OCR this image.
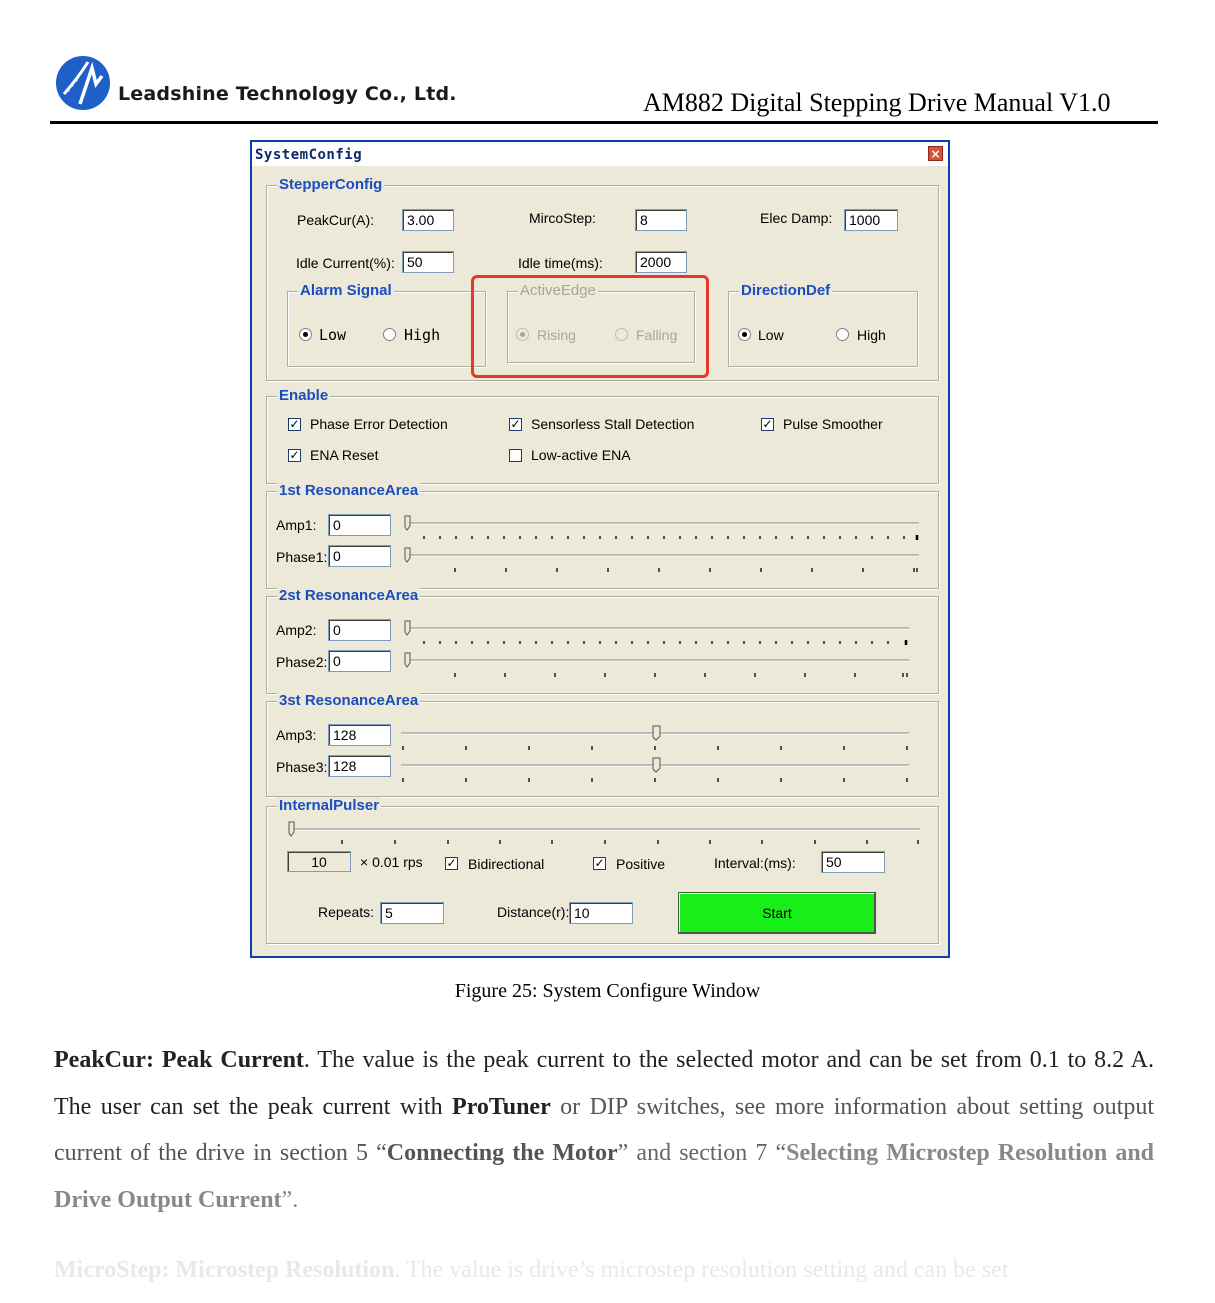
Leadshine Technology Co., Ltd.	AM882 Digital Stepping Drive Manual V1.0
SystemConfig	×
StepperConfig
PeakCur(A):	3.00	MircoStep:	8	Elec Damp:	1000
Idle Current(%): 50	Idle time(ms):	2000
Alarm Signal
Low	High
ActiveEdge
Rising	Falling
DirectionDef
Low	High
Enable
✓ Phase Error Detection	✓ Sensorless Stall Detection	✓ Pulse Smoother
✓ ENA Reset	Low-active ENA
1st ResonanceArea
Amp1:	0
Phase1: 0
2st ResonanceArea
Amp2:	0
Phase2: 0
3st ResonanceArea
Amp3:	128
Phase3: 128
InternalPulser
10	× 0.01 rps ✓ Bidirectional	✓ Positive	Interval:(ms):	50
Repeats: 5	Distance(r): 10	Start
Figure 25: System Configure Window
PeakCur: Peak Current. The value is the peak current to the selected motor and can be set from 0.1 to 8.2 A. The user can set the peak current with ProTuner or DIP switches, see more information about setting output current of the drive in section 5 “Connecting the Motor” and section 7 “Selecting Microstep Resolution and Drive Output Current”.
MicroStep: Microstep Resolution. The value is drive’s microstep resolution setting and can be set
